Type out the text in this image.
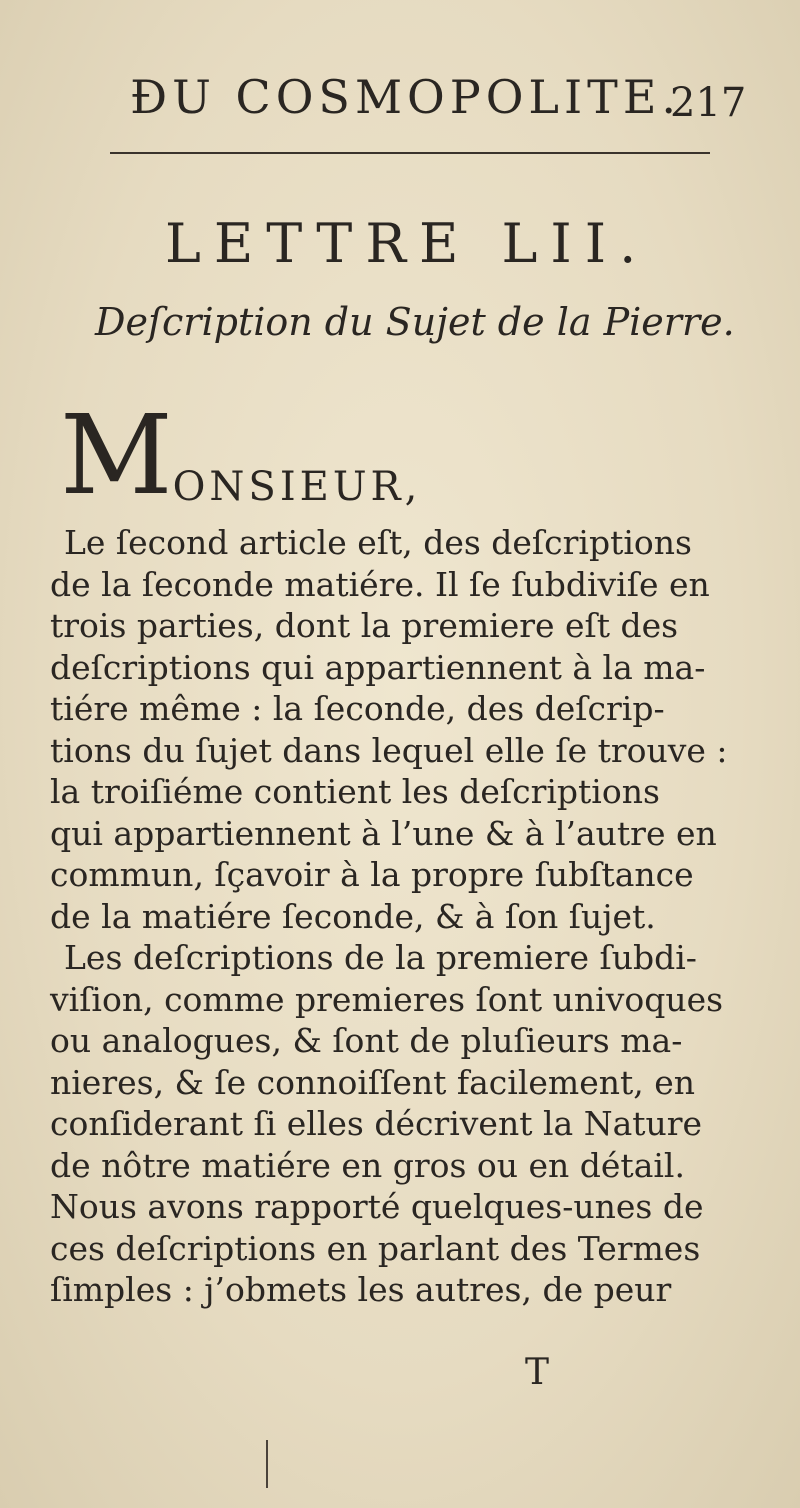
ÐU COSMOPOLITE.
217
LETTRE LII.
Deſcription du Sujet de la Pierre.
MONSIEUR,
Le ſecond article eſt, des deſcriptions
de la ſeconde matiére. Il ſe ſubdiviſe en
trois parties, dont la premiere eſt des
deſcriptions qui appartiennent à la ma-
tiére même : la ſeconde, des deſcrip-
tions du ſujet dans lequel elle ſe trouve :
la troiſiéme contient les deſcriptions
qui appartiennent à l’une & à l’autre en
commun, ſçavoir à la propre ſubſtance
de la matiére ſeconde, & à ſon ſujet.
Les deſcriptions de la premiere ſubdi-
viſion, comme premieres ſont univoques
ou analogues, & ſont de pluſieurs ma-
nieres, & ſe connoiſſent facilement, en
conſiderant ſi elles décrivent la Nature
de nôtre matiére en gros ou en détail.
Nous avons rapporté quelques-unes de
ces deſcriptions en parlant des Termes
ſimples : j’obmets les autres, de peur
T
